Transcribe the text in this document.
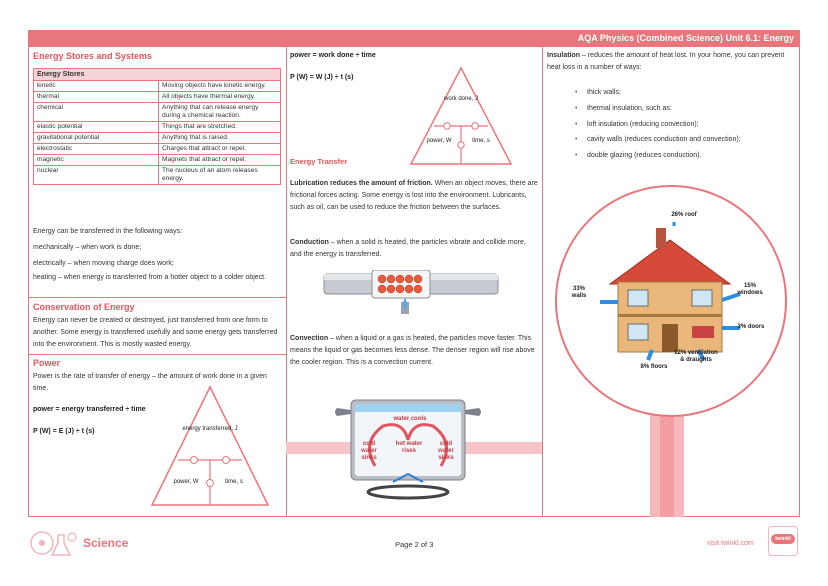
AQA Physics (Combined Science) Unit 6.1: Energy
Energy Stores and Systems
Energy Stores	
kinetic	Moving objects have kinetic energy.
thermal	All objects have thermal energy.
chemical	Anything that can release energy during a chemical reaction.
elastic potential	Things that are stretched.
gravitational potential	Anything that is raised.
electrostatic	Charges that attract or repel.
magnetic	Magnets that attract or repel.
nuclear	The nucleus of an atom releases energy.
Energy can be transferred in the following ways:
mechanically – when work is done;
electrically – when moving charge does work;
heating – when energy is transferred from a hotter object to a colder object.
Conservation of Energy
Energy can never be created or destroyed, just transferred from one form to another. Some energy is transferred usefully and some energy gets transferred into the environment. This is mostly wasted energy.
Power
Power is the rate of transfer of energy – the amount of work done in a given time.
power = energy transferred ÷ time
P (W) = E (J) ÷ t (s)	energy transferred, J
power, W	time, s
power = work done ÷ time
P (W) = W (J) ÷ t (s)
work done, J
power, W	time, s
Energy Transfer
Lubrication reduces the amount of friction. When an object moves, there are frictional forces acting. Some energy is lost into the environment. Lubricants, such as oil, can be used to reduce the friction between the surfaces.
Conduction – when a solid is heated, the particles vibrate and collide more, and the energy is transferred.
Convection – when a liquid or a gas is heated, the particles move faster. This means the liquid or gas becomes less dense. The denser region will rise above the cooler region. This is a convection current.
water cools
cold water sinks
hot water rises
cold water sinks
Insulation – reduces the amount of heat lost. In your home, you can prevent heat loss in a number of ways:
• thick walls;
• thermal insulation, such as:
• loft insulation (reducing convection);
• cavity walls (reduces conduction and convection);
• double glazing (reduces conduction).
26% roof
33% walls
15% windows
3% doors
8% floors
12% ventilation & draughts
Science	Page 2 of 3	visit twinkl.com
twinkl
